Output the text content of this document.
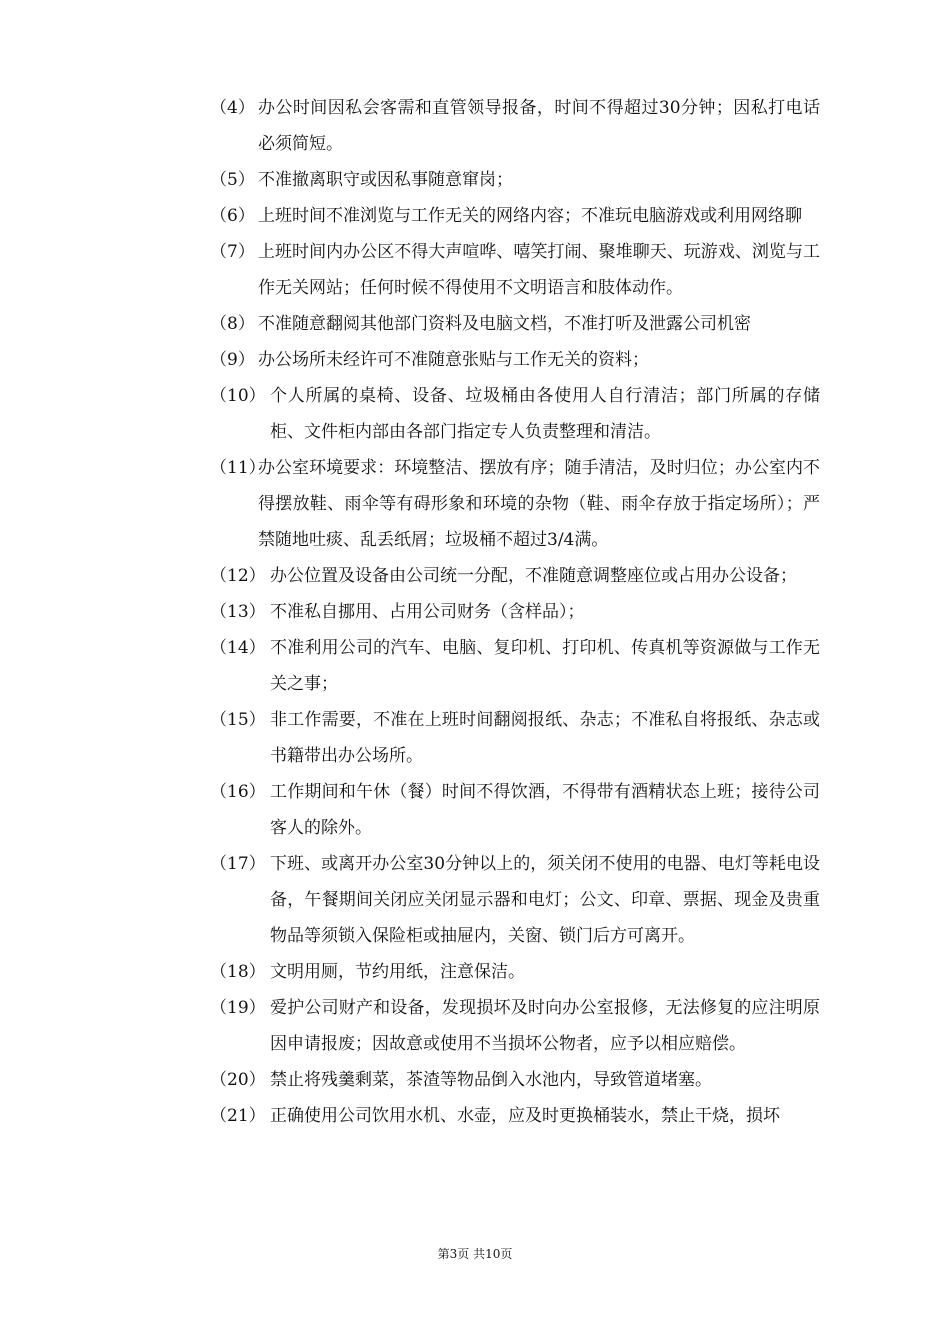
（4） 办公时间因私会客需和直管领导报备，时间不得超过30分钟；因私打电话必须简短。
（5） 不准撤离职守或因私事随意窜岗；
（6） 上班时间不准浏览与工作无关的网络内容；不准玩电脑游戏或利用网络聊
（7） 上班时间内办公区不得大声喧哗、嘻笑打闹、聚堆聊天、玩游戏、浏览与工作无关网站；任何时候不得使用不文明语言和肢体动作。
（8） 不准随意翻阅其他部门资料及电脑文档，不准打听及泄露公司机密
（9） 办公场所未经许可不准随意张贴与工作无关的资料；
（10） 个人所属的桌椅、设备、垃圾桶由各使用人自行清洁；部门所属的存储柜、文件柜内部由各部门指定专人负责整理和清洁。
（11）
办公室环境要求：环境整洁、摆放有序；随手清洁，及时归位；办公室内不得摆放鞋、雨伞等有碍形象和环境的杂物（鞋、雨伞存放于指定场所）；严禁随地吐痰、乱丢纸屑；垃圾桶不超过3/4满。
（12） 办公位置及设备由公司统一分配，不准随意调整座位或占用办公设备；
（13） 不准私自挪用、占用公司财务（含样品）；
（14） 不准利用公司的汽车、电脑、复印机、打印机、传真机等资源做与工作无关之事；
（15） 非工作需要，不准在上班时间翻阅报纸、杂志；不准私自将报纸、杂志或书籍带出办公场所。
（16） 工作期间和午休（餐）时间不得饮酒，不得带有酒精状态上班；接待公司客人的除外。
（17） 下班、或离开办公室30分钟以上的，须关闭不使用的电器、电灯等耗电设备，午餐期间关闭应关闭显示器和电灯；公文、印章、票据、现金及贵重物品等须锁入保险柜或抽屉内，关窗、锁门后方可离开。
（18） 文明用厕，节约用纸，注意保洁。
（19） 爱护公司财产和设备，发现损坏及时向办公室报修，无法修复的应注明原因申请报废；因故意或使用不当损坏公物者，应予以相应赔偿。
（20） 禁止将残羹剩菜，茶渣等物品倒入水池内，导致管道堵塞。
（21） 正确使用公司饮用水机、水壶，应及时更换桶装水，禁止干烧，损坏
第3页 共10页
